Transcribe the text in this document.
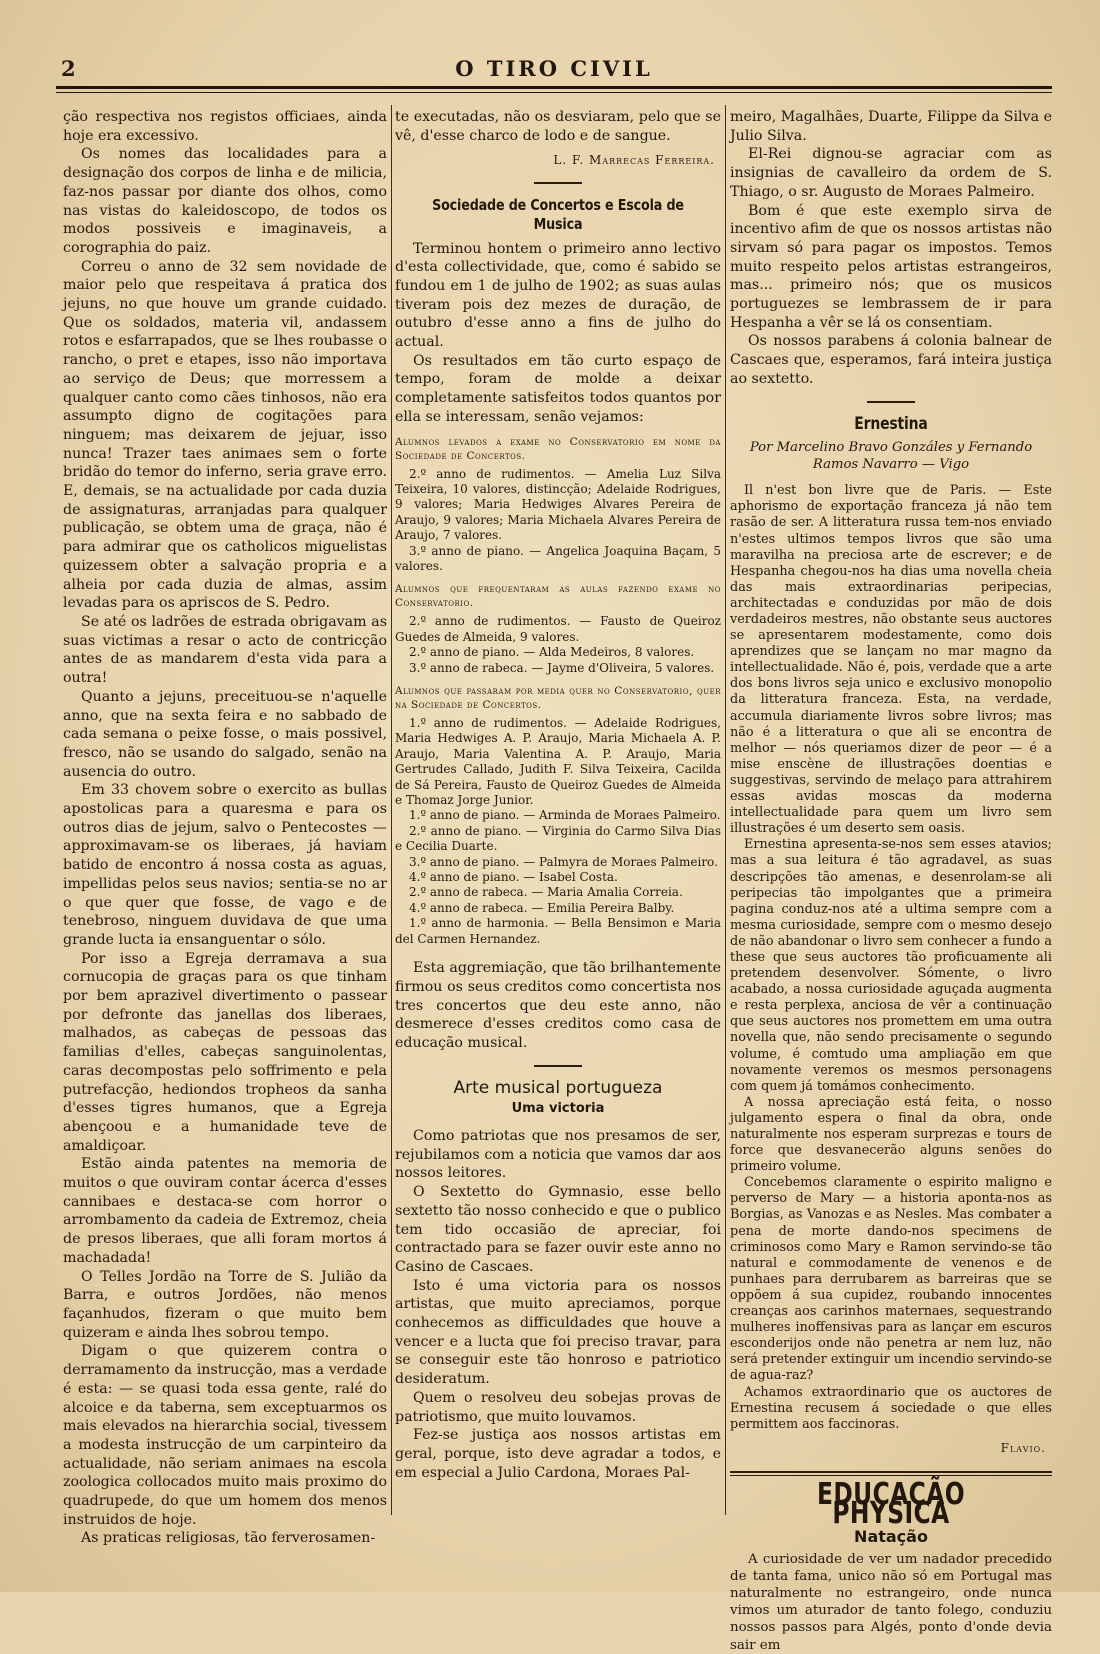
2	O TIRO CIVIL

ção respectiva nos registos officiaes, ainda hoje era excessivo.

Os nomes das localidades para a designação dos corpos de linha e de milicia, faz-nos passar por diante dos olhos, como nas vistas do kaleidoscopo, de todos os modos possiveis e imaginaveis, a corographia do paiz.

Correu o anno de 32 sem novidade de maior pelo que respeitava á pratica dos jejuns, no que houve um grande cuidado. Que os soldados, materia vil, andassem rotos e esfarrapados, que se lhes roubasse o rancho, o pret e etapes, isso não importava ao serviço de Deus; que morressem a qualquer canto como cães tinhosos, não era assumpto digno de cogitações para ninguem; mas deixarem de jejuar, isso nunca! Trazer taes animaes sem o forte bridão do temor do inferno, seria grave erro. E, demais, se na actualidade por cada duzia de assignaturas, arranjadas para qualquer publicação, se obtem uma de graça, não é para admirar que os catholicos miguelistas quizessem obter a salvação propria e a alheia por cada duzia de almas, assim levadas para os apriscos de S. Pedro.

Se até os ladrões de estrada obrigavam as suas victimas a resar o acto de contricção antes de as mandarem d'esta vida para a outra!

Quanto a jejuns, preceituou-se n'aquelle anno, que na sexta feira e no sabbado de cada semana o peixe fosse, o mais possivel, fresco, não se usando do salgado, senão na ausencia do outro.

Em 33 chovem sobre o exercito as bullas apostolicas para a quaresma e para os outros dias de jejum, salvo o Pentecostes — approximavam-se os liberaes, já haviam batido de encontro á nossa costa as aguas, impellidas pelos seus navios; sentia-se no ar o que quer que fosse, de vago e de tenebroso, ninguem duvidava de que uma grande lucta ia ensanguentar o sólo.

Por isso a Egreja derramava a sua cornucopia de graças para os que tinham por bem aprazivel divertimento o passear por defronte das janellas dos liberaes, malhados, as cabeças de pessoas das familias d'elles, cabeças sanguinolentas, caras decompostas pelo soffrimento e pela putrefacção, hediondos tropheos da sanha d'esses tigres humanos, que a Egreja abençoou e a humanidade teve de amaldiçoar.

Estão ainda patentes na memoria de muitos o que ouviram contar ácerca d'esses cannibaes e destaca-se com horror o arrombamento da cadeia de Extremoz, cheia de presos liberaes, que alli foram mortos á machadada!

O Telles Jordão na Torre de S. Julião da Barra, e outros Jordões, não menos façanhudos, fizeram o que muito bem quizeram e ainda lhes sobrou tempo.

Digam o que quizerem contra o derramamento da instrucção, mas a verdade é esta: — se quasi toda essa gente, ralé do alcoice e da taberna, sem exceptuarmos os mais elevados na hierarchia social, tivessem a modesta instrucção de um carpinteiro da actualidade, não seriam animaes na escola zoologica collocados muito mais proximo do quadrupede, do que um homem dos menos instruidos de hoje.

As praticas religiosas, tão ferverosamen-

te executadas, não os desviaram, pelo que se vê, d'esse charco de lodo e de sangue.

L. F. Marrecas Ferreira.

Sociedade de Concertos e Escola de Musica

Terminou hontem o primeiro anno lectivo d'esta collectividade, que, como é sabido se fundou em 1 de julho de 1902; as suas aulas tiveram pois dez mezes de duração, de outubro d'esse anno a fins de julho do actual.

Os resultados em tão curto espaço de tempo, foram de molde a deixar completamente satisfeitos todos quantos por ella se interessam, senão vejamos:

Alumnos levados a exame no Conservatorio em nome da Sociedade de Concertos.

2.º anno de rudimentos. — Amelia Luz Silva Teixeira, 10 valores, distincção; Adelaide Rodrigues, 9 valores; Maria Hedwiges Alvares Pereira de Araujo, 9 valores; Maria Michaela Alvares Pereira de Araujo, 7 valores.

3.º anno de piano. — Angelica Joaquina Baçam, 5 valores.

Alumnos que frequentaram as aulas fazendo exame no Conservatorio.

2.º anno de rudimentos. — Fausto de Queiroz Guedes de Almeida, 9 valores.

2.º anno de piano. — Alda Medeiros, 8 valores.

3.º anno de rabeca. — Jayme d'Oliveira, 5 valores.

Alumnos que passaram por media quer no Conservatorio, quer na Sociedade de Concertos.

1.º anno de rudimentos. — Adelaide Rodrigues, Maria Hedwiges A. P. Araujo, Maria Michaela A. P. Araujo, Maria Valentina A. P. Araujo, Maria Gertrudes Callado, Judith F. Silva Teixeira, Cacilda de Sá Pereira, Fausto de Queiroz Guedes de Almeida e Thomaz Jorge Junior.

1.º anno de piano. — Arminda de Moraes Palmeiro.

2.º anno de piano. — Virginia do Carmo Silva Dias e Cecilia Duarte.

3.º anno de piano. — Palmyra de Moraes Palmeiro.

4.º anno de piano. — Isabel Costa.

2.º anno de rabeca. — Maria Amalia Correia.

4.º anno de rabeca. — Emilia Pereira Balby.

1.º anno de harmonia. — Bella Bensimon e Maria del Carmen Hernandez.

Esta aggremiação, que tão brilhantemente firmou os seus creditos como concertista nos tres concertos que deu este anno, não desmerece d'esses creditos como casa de educação musical.

Arte musical portugueza
Uma victoria

Como patriotas que nos presamos de ser, rejubilamos com a noticia que vamos dar aos nossos leitores.

O Sextetto do Gymnasio, esse bello sextetto tão nosso conhecido e que o publico tem tido occasião de apreciar, foi contractado para se fazer ouvir este anno no Casino de Cascaes.

Isto é uma victoria para os nossos artistas, que muito apreciamos, porque conhecemos as difficuldades que houve a vencer e a lucta que foi preciso travar, para se conseguir este tão honroso e patriotico desideratum.

Quem o resolveu deu sobejas provas de patriotismo, que muito louvamos.

Fez-se justiça aos nossos artistas em geral, porque, isto deve agradar a todos, e em especial a Julio Cardona, Moraes Pal-

meiro, Magalhães, Duarte, Filippe da Silva e Julio Silva.

El-Rei dignou-se agraciar com as insignias de cavalleiro da ordem de S. Thiago, o sr. Augusto de Moraes Palmeiro.

Bom é que este exemplo sirva de incentivo afim de que os nossos artistas não sirvam só para pagar os impostos. Temos muito respeito pelos artistas estrangeiros, mas... primeiro nós; que os musicos portuguezes se lembrassem de ir para Hespanha a vêr se lá os consentiam.

Os nossos parabens á colonia balnear de Cascaes que, esperamos, fará inteira justiça ao sextetto.

Ernestina
Por Marcelino Bravo Gonzáles y Fernando Ramos Navarro — Vigo

Il n'est bon livre que de Paris. — Este aphorismo de exportação franceza já não tem rasão de ser. A litteratura russa tem-nos enviado n'estes ultimos tempos livros que são uma maravilha na preciosa arte de escrever; e de Hespanha chegou-nos ha dias uma novella cheia das mais extraordinarias peripecias, architectadas e conduzidas por mão de dois verdadeiros mestres, não obstante seus auctores se apresentarem modestamente, como dois aprendizes que se lançam no mar magno da intellectualidade. Não é, pois, verdade que a arte dos bons livros seja unico e exclusivo monopolio da litteratura franceza. Esta, na verdade, accumula diariamente livros sobre livros; mas não é a litteratura o que ali se encontra de melhor — nós queriamos dizer de peor — é a mise enscène de illustrações doentias e suggestivas, servindo de melaço para attrahirem essas avidas moscas da moderna intellectualidade para quem um livro sem illustrações é um deserto sem oasis.

Ernestina apresenta-se-nos sem esses atavios; mas a sua leitura é tão agradavel, as suas descripções tão amenas, e desenrolam-se ali peripecias tão impolgantes que a primeira pagina conduz-nos até a ultima sempre com a mesma curiosidade, sempre com o mesmo desejo de não abandonar o livro sem conhecer a fundo a these que seus auctores tão proficuamente ali pretendem desenvolver. Sómente, o livro acabado, a nossa curiosidade aguçada augmenta e resta perplexa, anciosa de vêr a continuação que seus auctores nos promettem em uma outra novella que, não sendo precisamente o segundo volume, é comtudo uma ampliação em que novamente veremos os mesmos personagens com quem já tomámos conhecimento.

A nossa apreciação está feita, o nosso julgamento espera o final da obra, onde naturalmente nos esperam surprezas e tours de force que desvanecerão alguns senões do primeiro volume.

Concebemos claramente o espirito maligno e perverso de Mary — a historia aponta-nos as Borgias, as Vanozas e as Nesles. Mas combater a pena de morte dando-nos specimens de criminosos como Mary e Ramon servindo-se tão natural e commodamente de venenos e de punhaes para derrubarem as barreiras que se oppõem á sua cupidez, roubando innocentes creanças aos carinhos maternaes, sequestrando mulheres inoffensivas para as lançar em escuros esconderijos onde não penetra ar nem luz, não será pretender extinguir um incendio servindo-se de agua-raz?

Achamos extraordinario que os auctores de Ernestina recusem á sociedade o que elles permittem aos faccinoras.

Flavio.

EDUCAÇÃO PHYSICA
Natação

A curiosidade de ver um nadador precedido de tanta fama, unico não só em Portugal mas naturalmente no estrangeiro, onde nunca vimos um aturador de tanto folego, conduziu nossos passos para Algés, ponto d'onde devia sair em
